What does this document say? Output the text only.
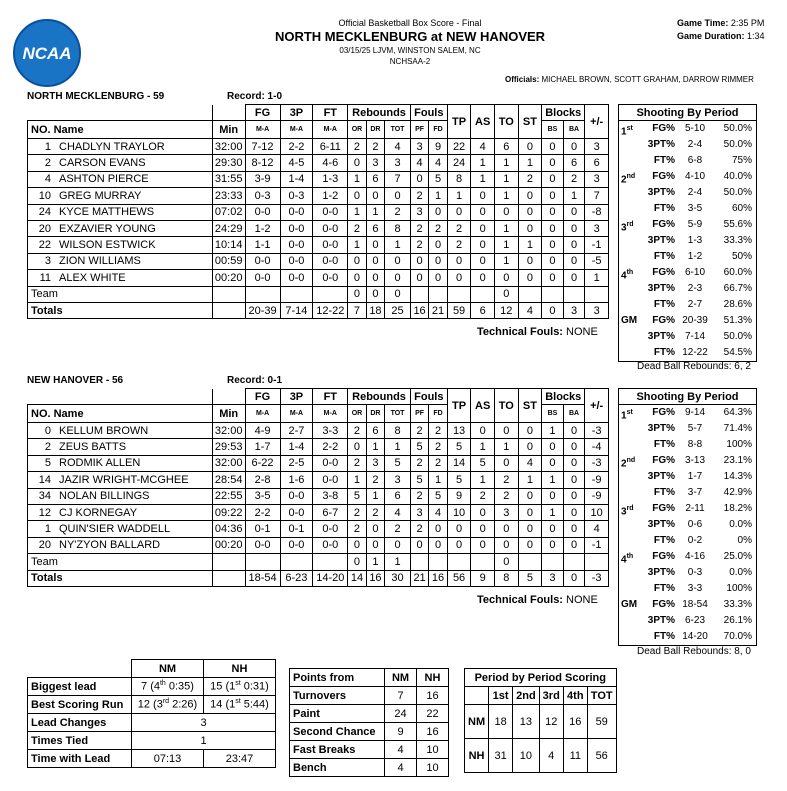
NCAA
Official Basketball Box Score - Final
NORTH MECKLENBURG at NEW HANOVER
03/15/25 LJVM, WINSTON SALEM, NC
NCHSAA-2
Game Time: 2:35 PM
Game Duration: 1:34
Officials: MICHAEL BROWN, SCOTT GRAHAM, DARROW RIMMER
NORTH MECKLENBURG - 59	Record: 1-0
		FG	3P	FT	Rebounds			Fouls		TP	AS	TO	ST	Blocks		+/-
NO. Name	Min	M-A	M-A	M-A	OR	DR	TOT	PF	FD					BS	BA	
1 CHADLYN TRAYLOR	32:00	7-12	2-2	6-11	2	2	4	3	9	22	4	6	0	0	0	3
2 CARSON EVANS	29:30	8-12	4-5	4-6	0	3	3	4	4	24	1	1	1	0	6	6
4 ASHTON PIERCE	31:55	3-9	1-4	1-3	1	6	7	0	5	8	1	1	2	0	2	3
10 GREG MURRAY	23:33	0-3	0-3	1-2	0	0	0	2	1	1	0	1	0	0	1	7
24 KYCE MATTHEWS	07:02	0-0	0-0	0-0	1	1	2	3	0	0	0	0	0	0	0	-8
20 EXZAVIER YOUNG	24:29	1-2	0-0	0-0	2	6	8	2	2	2	0	1	0	0	0	3
22 WILSON ESTWICK	10:14	1-1	0-0	0-0	1	0	1	2	0	2	0	1	1	0	0	-1
3 ZION WILLIAMS	00:59	0-0	0-0	0-0	0	0	0	0	0	0	0	1	0	0	0	-5
11 ALEX WHITE	00:20	0-0	0-0	0-0	0	0	0	0	0	0	0	0	0	0	0	1
Team					0	0	0					0				
Totals		20-39	7-14	12-22	7	18	25	16	21	59	6	12	4	0	3	3
Technical Fouls: NONE
Shooting By Period
1st	FG% 5-10	50.0%
3PT%	2-4	50.0%
FT%	6-8	75%
2nd	FG% 4-10	40.0%
3PT%	2-4	50.0%
FT%	3-5	60%
3rd	FG%	5-9	55.6%
3PT%	1-3	33.3%
FT%	1-2	50%
4th	FG% 6-10	60.0%
3PT%	2-3	66.7%
FT%	2-7	28.6%
GM	FG% 20-39	51.3%
3PT% 7-14	50.0%
FT% 12-22	54.5%
Dead Ball Rebounds: 6, 2
NEW HANOVER - 56	Record: 0-1
		FG	3P	FT	Rebounds			Fouls		TP	AS	TO	ST	Blocks		+/-
NO. Name	Min	M-A	M-A	M-A	OR	DR	TOT	PF	FD					BS	BA	
0 KELLUM BROWN	32:00	4-9	2-7	3-3	2	6	8	2	2	13	0	0	0	1	0	-3
2 ZEUS BATTS	29:53	1-7	1-4	2-2	0	1	1	5	2	5	1	1	0	0	0	-4
5 RODMIK ALLEN	32:00	6-22	2-5	0-0	2	3	5	2	2	14	5	0	4	0	0	-3
14 JAZIR WRIGHT-MCGHEE	28:54	2-8	1-6	0-0	1	2	3	5	1	5	1	2	1	1	0	-9
34 NOLAN BILLINGS	22:55	3-5	0-0	3-8	5	1	6	2	5	9	2	2	0	0	0	-9
12 CJ KORNEGAY	09:22	2-2	0-0	6-7	2	2	4	3	4	10	0	3	0	1	0	10
1 QUIN'SIER WADDELL	04:36	0-1	0-1	0-0	2	0	2	2	0	0	0	0	0	0	0	4
20 NY'ZYON BALLARD	00:20	0-0	0-0	0-0	0	0	0	0	0	0	0	0	0	0	0	-1
Team					0	1	1					0				
Totals		18-54	6-23	14-20	14	16	30	21	16	56	9	8	5	3	0	-3
Technical Fouls: NONE
Shooting By Period
1st	FG% 9-14	64.3%
3PT%	5-7	71.4%
FT%	8-8	100%
2nd	FG% 3-13	23.1%
3PT%	1-7	14.3%
FT%	3-7	42.9%
3rd	FG%	2-11	18.2%
3PT%	0-6	0.0%
FT%	0-2	0%
4th	FG% 4-16	25.0%
3PT%	0-3	0.0%
FT%	3-3	100%
GM	FG% 18-54	33.3%
3PT% 6-23	26.1%
FT% 14-20	70.0%
Dead Ball Rebounds: 8, 0
	NM	NH
Biggest lead	7 (4th 0:35)	15 (1st 0:31)
Best Scoring Run	12 (3rd 2:26)	14 (1st 5:44)
Lead Changes	3	
Times Tied	1	
Time with Lead	07:13	23:47
Points from	NM	NH
Turnovers	7	16
Paint	24	22
Second Chance	9	16
Fast Breaks	4	10
Bench	4	10
Period by Period Scoring					
	1st	2nd	3rd	4th	TOT
NM	18	13	12	16	59
NH	31	10	4	11	56
